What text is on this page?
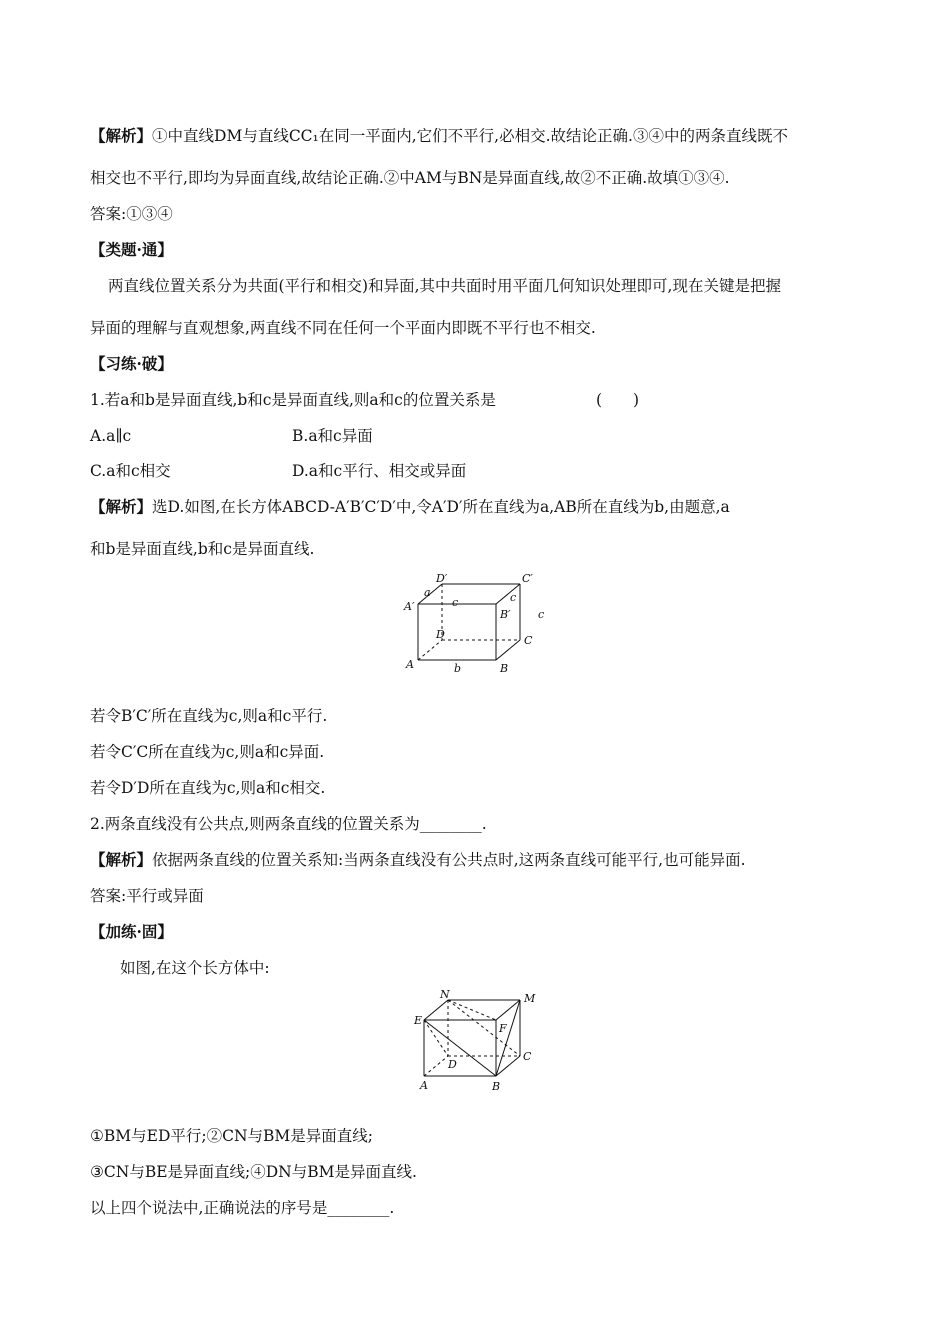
【解析】①中直线DM与直线CC₁在同一平面内,它们不平行,必相交.故结论正确.③④中的两条直线既不
相交也不平行,即均为异面直线,故结论正确.②中AM与BN是异面直线,故②不正确.故填①③④.
答案:①③④
【类题·通】
两直线位置关系分为共面(平行和相交)和异面,其中共面时用平面几何知识处理即可,现在关键是把握
异面的理解与直观想象,两直线不同在任何一个平面内即既不平行也不相交.
【习练·破】
1.若a和b是异面直线,b和c是异面直线,则a和c的位置关系是	(　　)
A.a∥c	B.a和c异面
C.a和c相交	D.a和c平行、相交或异面
【解析】选D.如图,在长方体ABCD-A′B′C′D′中,令A′D′所在直线为a,AB所在直线为b,由题意,a
和b是异面直线,b和c是异面直线.
D′	C′
A′
B′
D	C
A	B
a
b
c	c
c
若令B′C′所在直线为c,则a和c平行.
若令C′C所在直线为c,则a和c异面.
若令D′D所在直线为c,则a和c相交.
2.两条直线没有公共点,则两条直线的位置关系为________.
【解析】依据两条直线的位置关系知:当两条直线没有公共点时,这两条直线可能平行,也可能异面.
答案:平行或异面
【加练·固】
如图,在这个长方体中:
N	M
E
F
D
C
A	B
①BM与ED平行;②CN与BM是异面直线;
③CN与BE是异面直线;④DN与BM是异面直线.
以上四个说法中,正确说法的序号是________.
